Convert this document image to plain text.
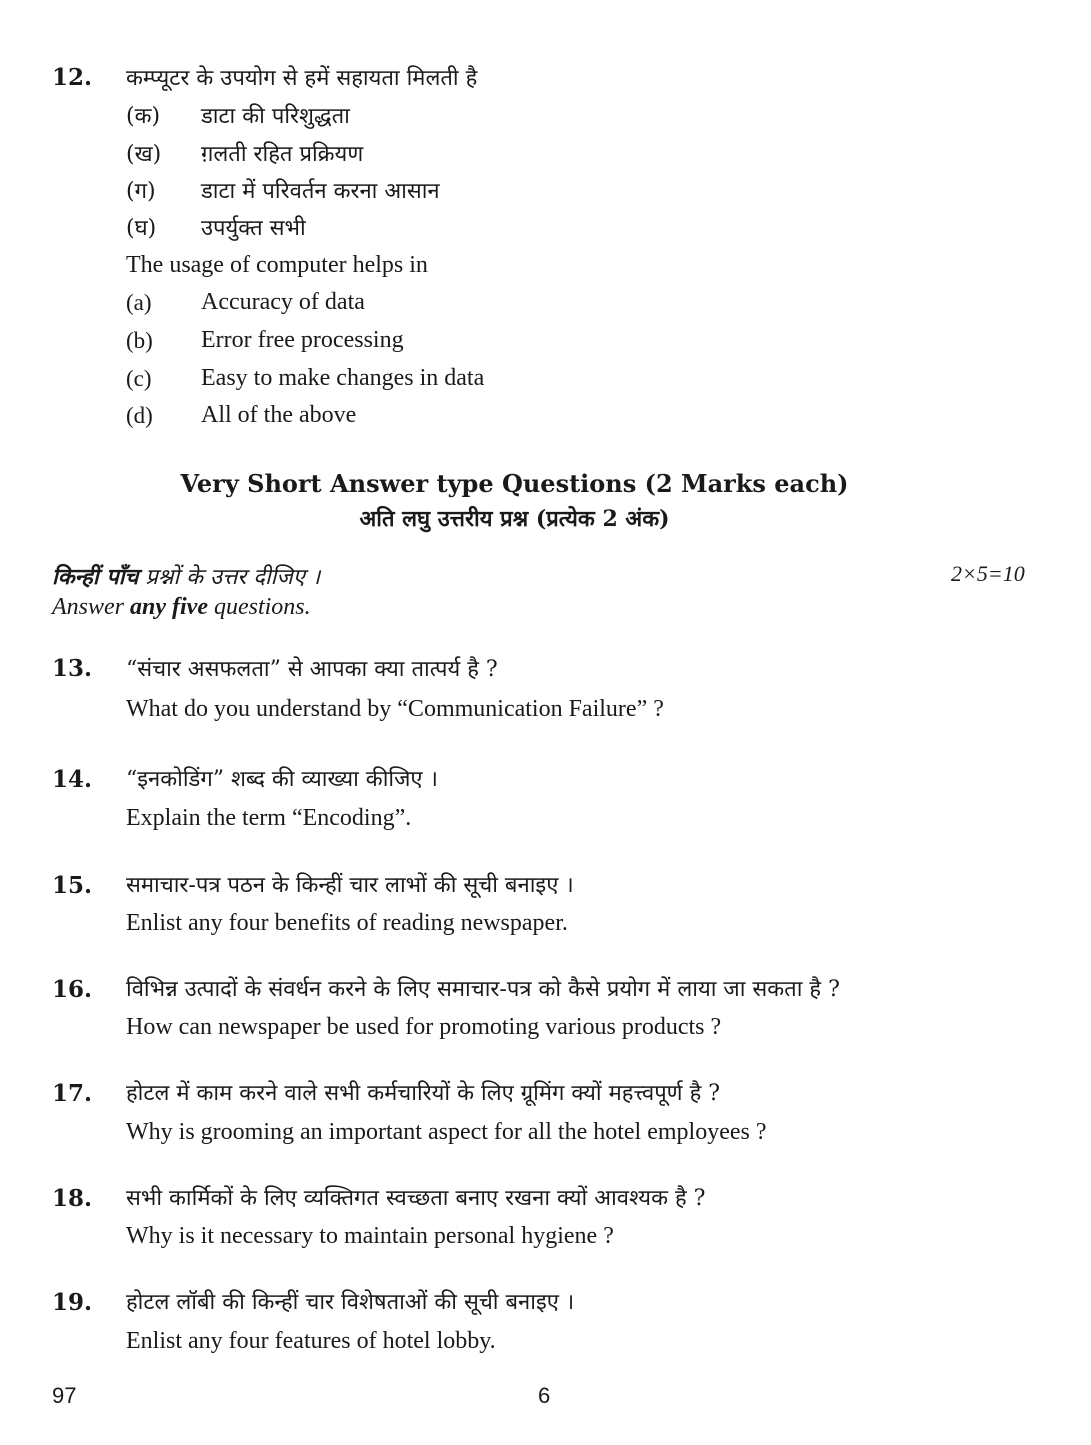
12. कम्प्यूटर के उपयोग से हमें सहायता मिलती है
(क) डाटा की परिशुद्धता
(ख) ग़लती रहित प्रक्रियण
(ग) डाटा में परिवर्तन करना आसान
(घ) उपर्युक्त सभी
The usage of computer helps in
(a) Accuracy of data
(b) Error free processing
(c) Easy to make changes in data
(d) All of the above
Very Short Answer type Questions (2 Marks each)
अति लघु उत्तरीय प्रश्न (प्रत्येक 2 अंक)
किन्हीं पाँच प्रश्नों के उत्तर दीजिए ।	2×5=10
Answer any five questions.
13. “संचार असफलता” से आपका क्या तात्पर्य है ?
What do you understand by “Communication Failure” ?
14. “इनकोडिंग” शब्द की व्याख्या कीजिए ।
Explain the term “Encoding”.
15. समाचार-पत्र पठन के किन्हीं चार लाभों की सूची बनाइए ।
Enlist any four benefits of reading newspaper.
16. विभिन्न उत्पादों के संवर्धन करने के लिए समाचार-पत्र को कैसे प्रयोग में लाया जा सकता है ?
How can newspaper be used for promoting various products ?
17. होटल में काम करने वाले सभी कर्मचारियों के लिए ग्रूमिंग क्यों महत्त्वपूर्ण है ?
Why is grooming an important aspect for all the hotel employees ?
18. सभी कार्मिकों के लिए व्यक्तिगत स्वच्छता बनाए रखना क्यों आवश्यक है ?
Why is it necessary to maintain personal hygiene ?
19. होटल लॉबी की किन्हीं चार विशेषताओं की सूची बनाइए ।
Enlist any four features of hotel lobby.
97	6
